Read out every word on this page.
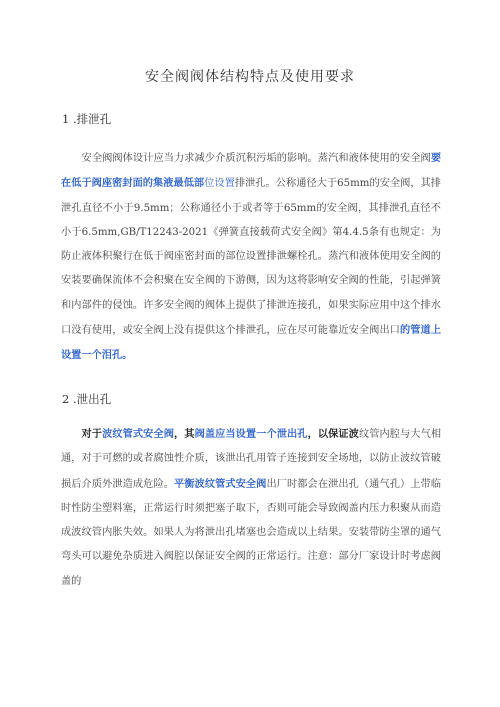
安全阀阀体结构特点及使用要求
1 .排泄孔

　　安全阀阀体设计应当力求减少介质沉积污垢的影响。蒸汽和液体使用的安全阀要在低于阀座密封面的集液最低部位设置排泄孔。公称通径大于65mm的安全阀，其排泄孔直径不小于9.5mm；公称通径小于或者等于65mm的安全阀，其排泄孔直径不小于6.5mm,GB/T12243-2021《弹簧直接载荷式安全阀》第4.4.5条有也规定：为防止液体积聚行在低于阀座密封面的部位设置排泄螺栓孔。蒸汽和液体使用安全阀的安装要确保流体不会积聚在安全阀的下游侧，因为这将影响安全阀的性能，引起弹簧和内部件的侵蚀。许多安全阀的阀体上提供了排泄连接孔，如果实际应用中这个排水口没有使用，或安全阀上没有提供这个排泄孔，应在尽可能靠近安全阀出口的管道上设置一个泪孔。

2 .泄出孔

　　对于波纹管式安全阀，其阀盖应当设置一个泄出孔，以保证波纹管内腔与大气相通，对于可燃的或者腐蚀性介质，该泄出孔用管子连接到安全场地，以防止波纹管破损后介质外泄造成危险。平衡波纹管式安全阀出厂时都会在泄出孔（通气孔）上带临时性防尘塑料塞，正常运行时须把塞子取下，否则可能会导致阀盖内压力积聚从而造成波纹管内胀失效。如果人为将泄出孔堵塞也会造成以上结果。安装带防尘罩的通气弯头可以避免杂质进入阀腔以保证安全阀的正常运行。注意：部分厂家设计时考虑阀盖的
